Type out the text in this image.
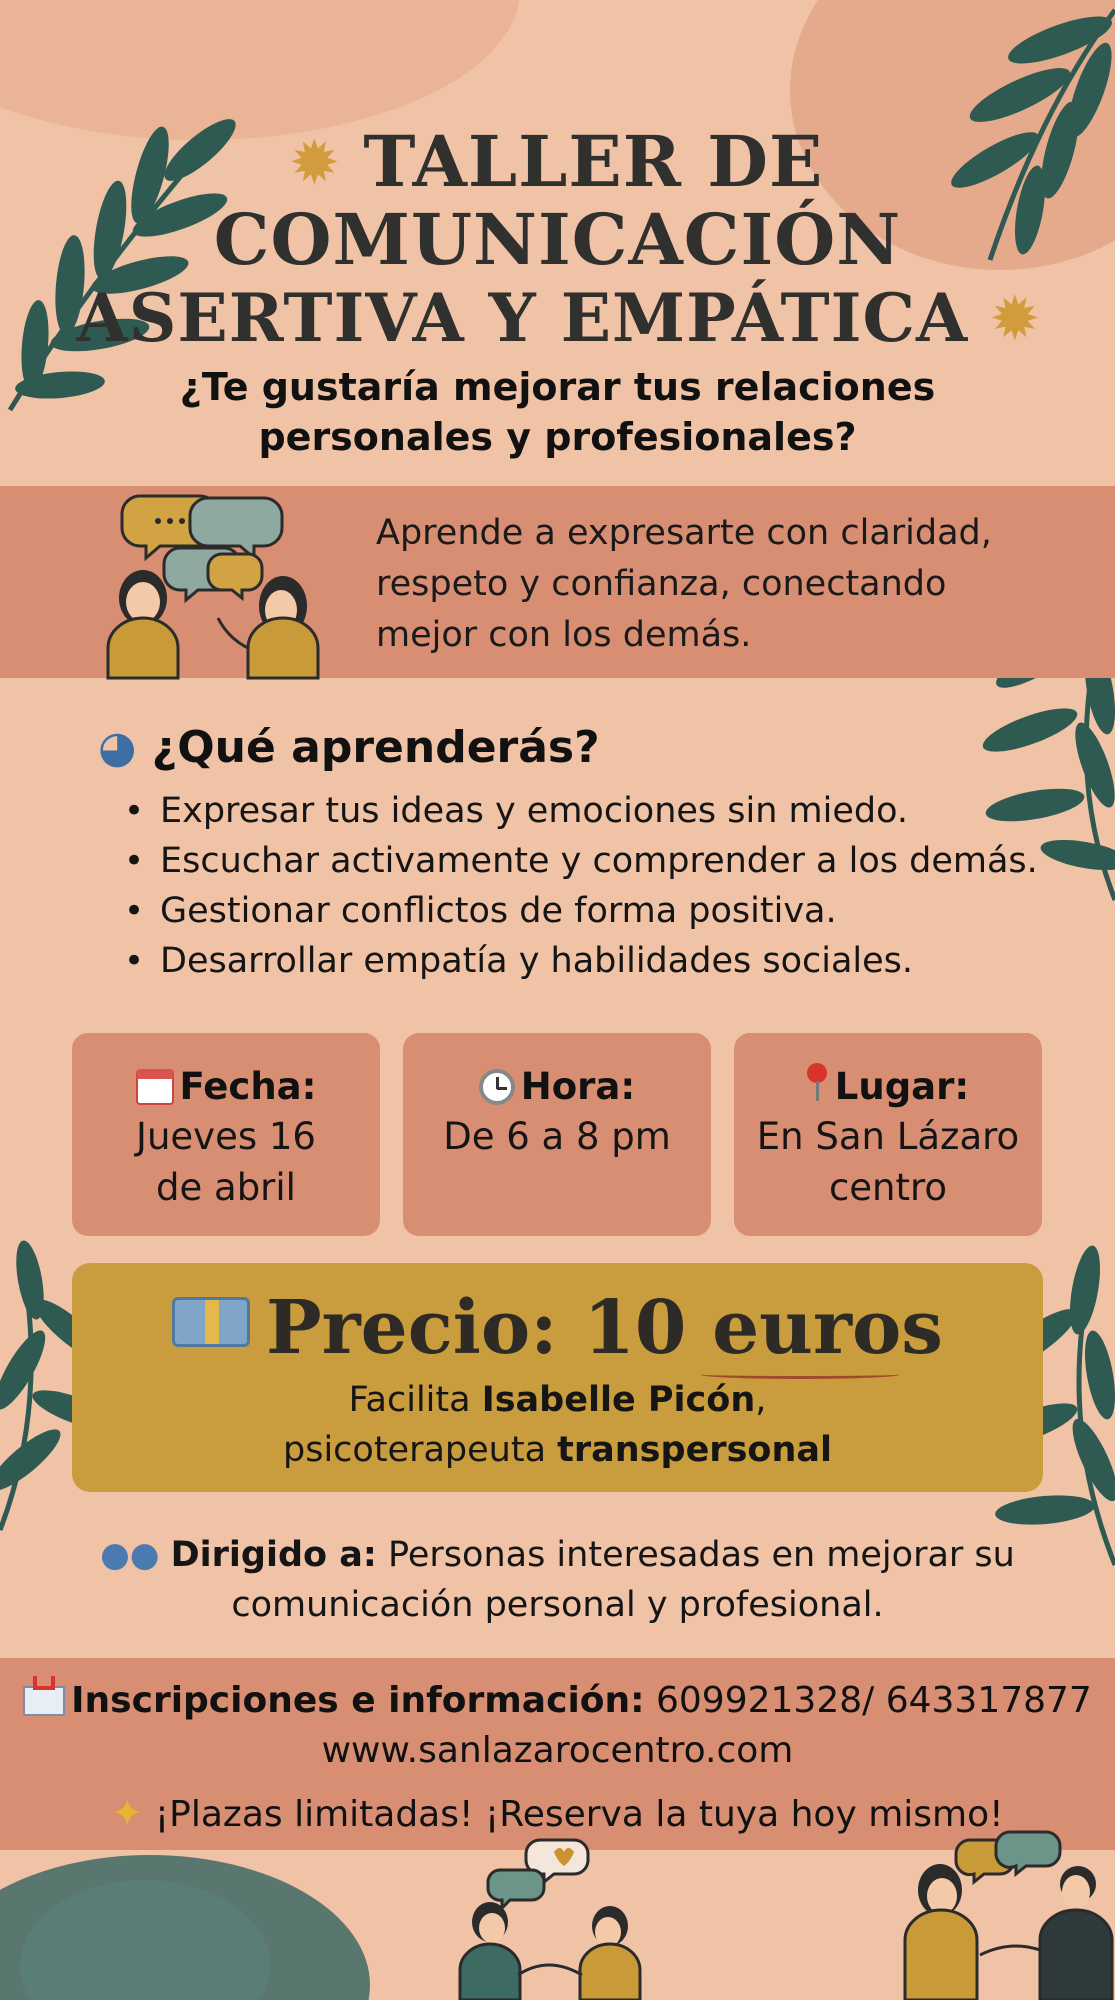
✹ TALLER DE
COMUNICACIÓN
ASERTIVA Y EMPÁTICA ✹
¿Te gustaría mejorar tus relaciones
personales y profesionales?
Aprende a expresarte con claridad, respeto y confianza, conectando mejor con los demás.
◕ ¿Qué aprenderás?
• Expresar tus ideas y emociones sin miedo.
• Escuchar activamente y comprender a los demás.
• Gestionar conflictos de forma positiva.
• Desarrollar empatía y habilidades sociales.
Fecha:
Jueves 16
de abril
Hora:
De 6 a 8 pm
Lugar:
En San Lázaro
centro
Precio: 10 euros
Facilita Isabelle Picón,
psicoterapeuta transpersonal
●● Dirigido a: Personas interesadas en mejorar su
comunicación personal y profesional.
Inscripciones e información: 609921328/ 643317877
www.sanlazarocentro.com
✦ ¡Plazas limitadas! ¡Reserva la tuya hoy mismo!
